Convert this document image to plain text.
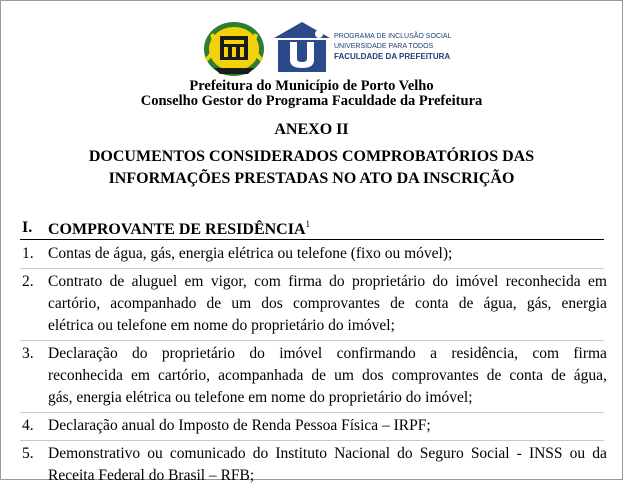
PROGRAMA DE INCLUSÃO SOCIAL
UNIVERSIDADE PARA TODOS
FACULDADE DA PREFEITURA
Prefeitura do Município de Porto Velho
Conselho Gestor do Programa Faculdade da Prefeitura
ANEXO II
DOCUMENTOS CONSIDERADOS COMPROBATÓRIOS DAS
INFORMAÇÕES PRESTADAS NO ATO DA INSCRIÇÃO
I. COMPROVANTE DE RESIDÊNCIA$^1$
1. Contas de água, gás, energia elétrica ou telefone (fixo ou móvel);
2. Contrato de aluguel em vigor, com firma do proprietário do imóvel reconhecida em
cartório, acompanhado de um dos comprovantes de conta de água, gás, energia
elétrica ou telefone em nome do proprietário do imóvel;
3. Declaração do proprietário do imóvel confirmando a residência, com firma
reconhecida em cartório, acompanhada de um dos comprovantes de conta de água,
gás, energia elétrica ou telefone em nome do proprietário do imóvel;
4. Declaração anual do Imposto de Renda Pessoa Física – IRPF;
5. Demonstrativo ou comunicado do Instituto Nacional do Seguro Social - INSS ou da
Receita Federal do Brasil – RFB;
